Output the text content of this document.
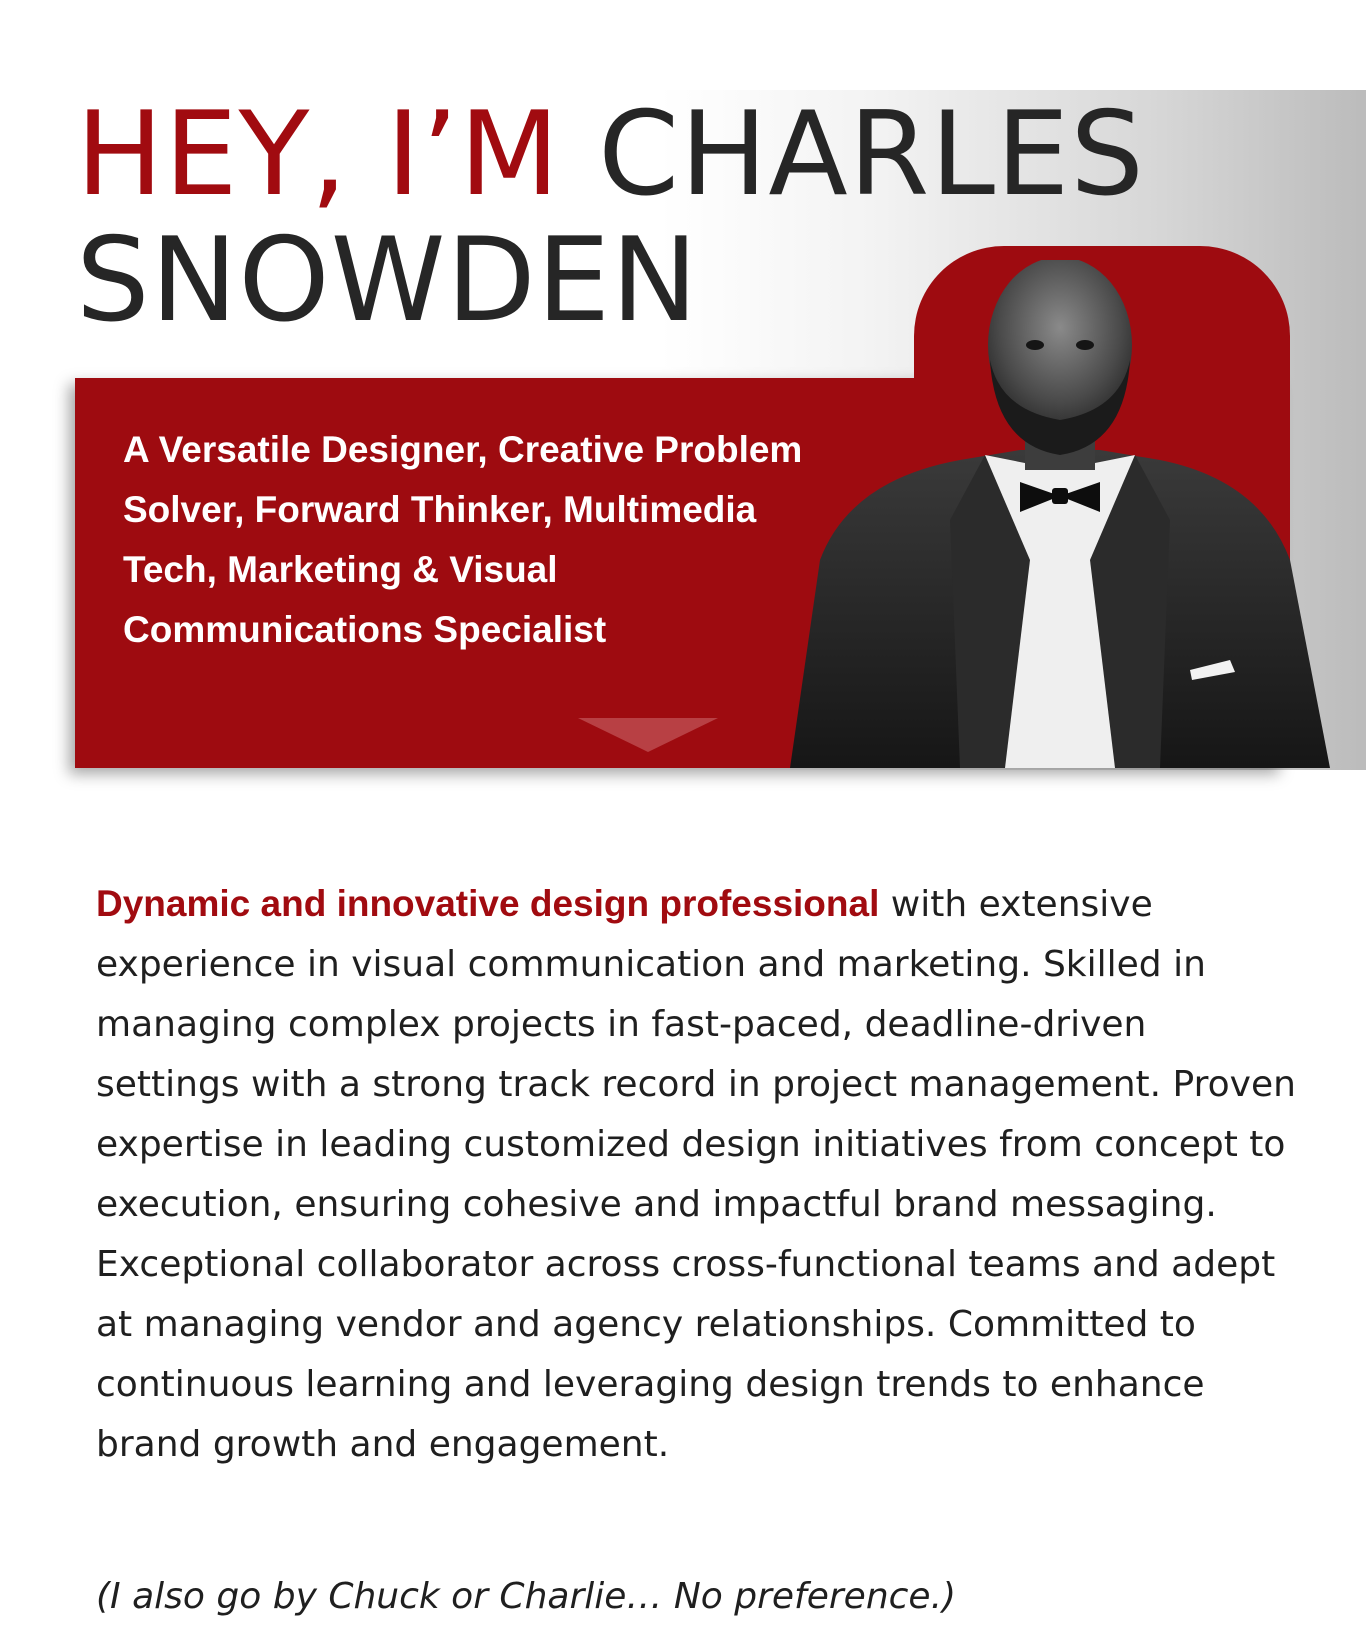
HEY, I’M CHARLES
SNOWDEN

A Versatile Designer, Creative Problem Solver, Forward Thinker, Multimedia Tech, Marketing & Visual Communications Specialist

Dynamic and innovative design professional with extensive experience in visual communication and marketing. Skilled in managing complex projects in fast-paced, deadline-driven settings with a strong track record in project management. Proven expertise in leading customized design initiatives from concept to execution, ensuring cohesive and impactful brand messaging. Exceptional collaborator across cross-functional teams and adept at managing vendor and agency relationships. Committed to continuous learning and leveraging design trends to enhance brand growth and engagement.

(I also go by Chuck or Charlie… No preference.)
